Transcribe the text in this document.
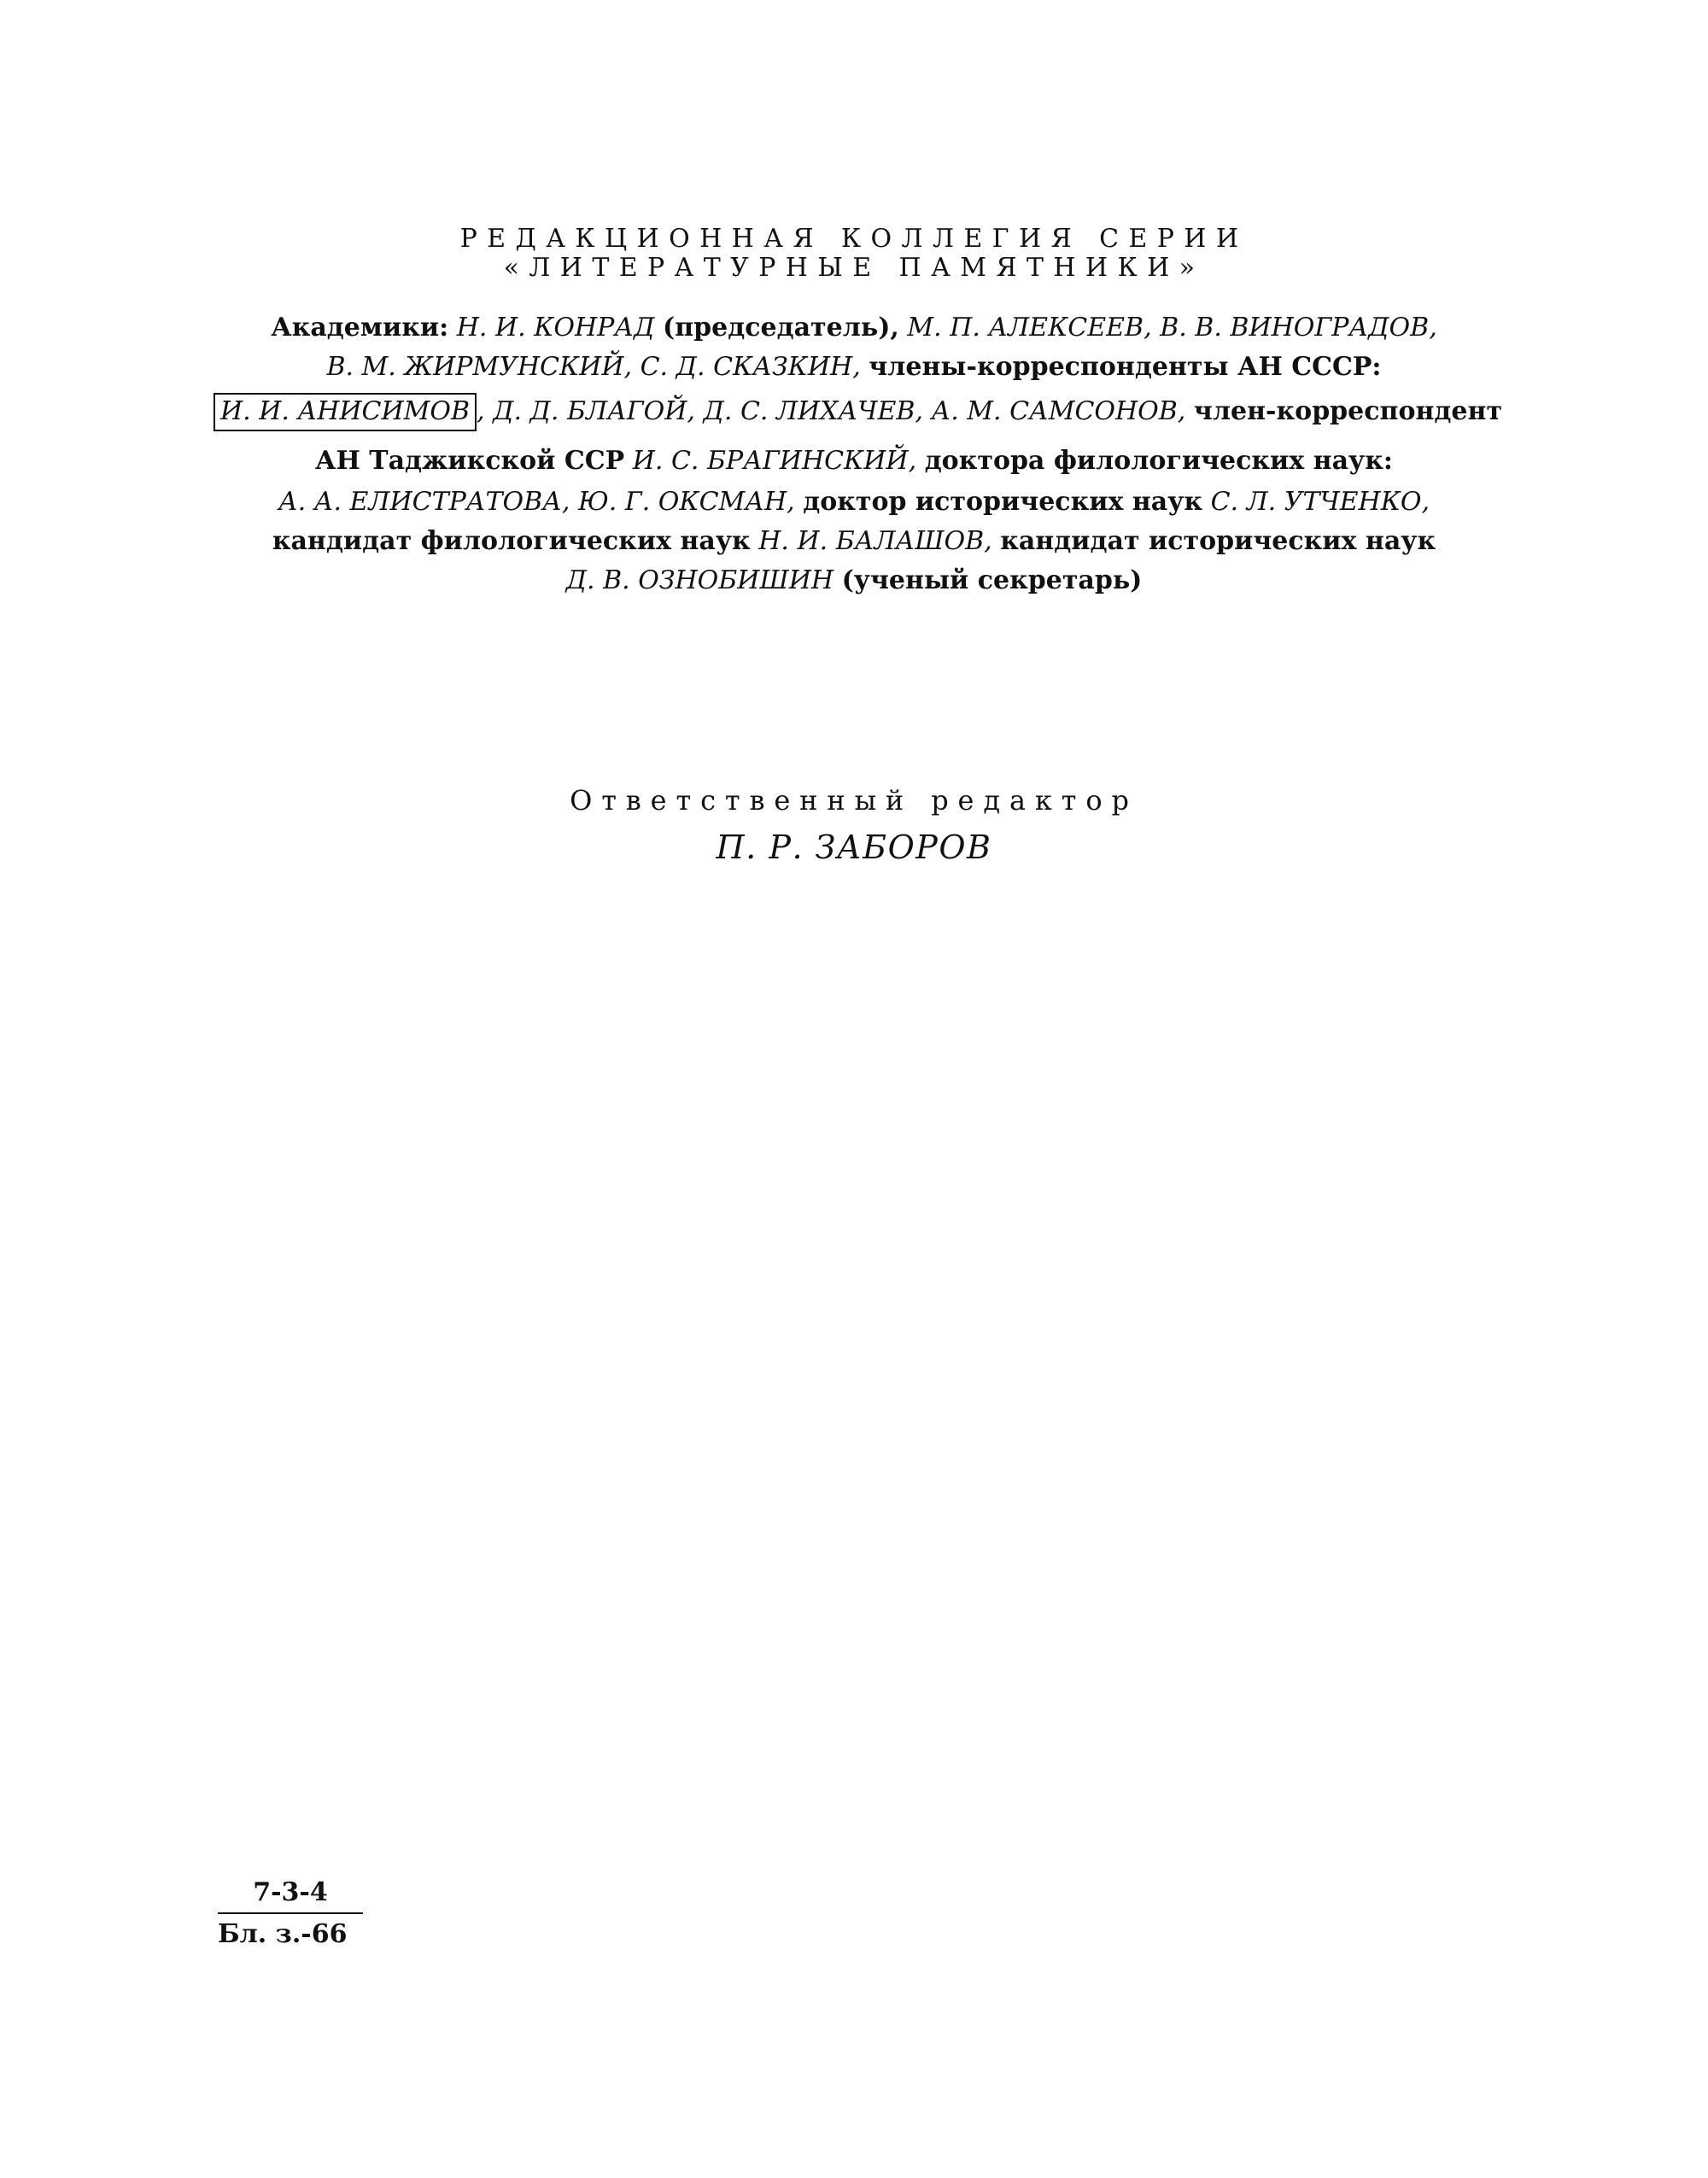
РЕДАКЦИОННАЯ КОЛЛЕГИЯ СЕРИИ
«ЛИТЕРАТУРНЫЕ ПАМЯТНИКИ»
Академики: Н. И. КОНРАД (председатель), М. П. АЛЕКСЕЕВ, В. В. ВИНОГРАДОВ,
В. М. ЖИРМУНСКИЙ, С. Д. СКАЗКИН, члены-корреспонденты АН СССР:
И. И. АНИСИМОВ , Д. Д. БЛАГОЙ, Д. С. ЛИХАЧЕВ, А. М. САМСОНОВ, член-корреспондент
АН Таджикской ССР И. С. БРАГИНСКИЙ, доктора филологических наук:
А. А. ЕЛИСТРАТОВА, Ю. Г. ОКСМАН, доктор исторических наук С. Л. УТЧЕНКО,
кандидат филологических наук Н. И. БАЛАШОВ, кандидат исторических наук
Д. В. ОЗНОБИШИН (ученый секретарь)
Ответственный редактор
П. Р. ЗАБОРОВ
7-3-4
Бл. з.-66
